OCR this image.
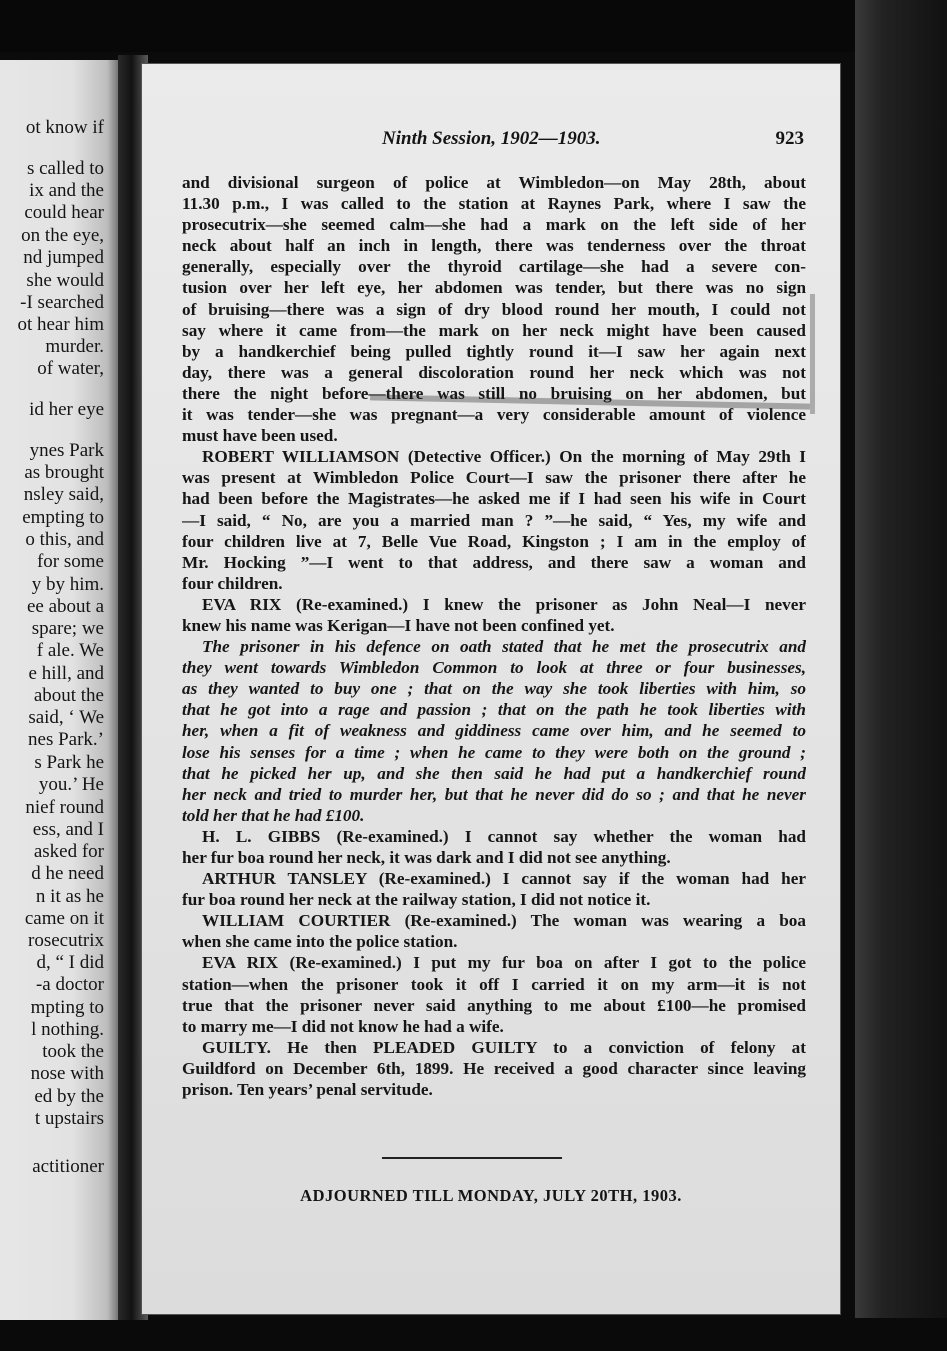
ot know if
s called to
ix and the
could hear
on the eye,
nd jumped
she would
-I searched
ot hear him
murder.
of water,
id her eye
ynes Park
as brought
nsley said,
empting to
o this, and
for some
y by him.
ee about a
spare; we
f ale. We
e hill, and
about the
said, ‘ We
nes Park.’
s Park he
you.’ He
nief round
ess, and I
asked for
d he need
n it as he
came on it
rosecutrix
d, “ I did
-a doctor
mpting to
l nothing.
took the
nose with
ed by the
t upstairs
actitioner
Ninth Session, 1902—1903.	923
and divisional surgeon of police at Wimbledon—on May 28th, about
11.30 p.m., I was called to the station at Raynes Park, where I saw the
prosecutrix—she seemed calm—she had a mark on the left side of her
neck about half an inch in length, there was tenderness over the throat
generally, especially over the thyroid cartilage—she had a severe con-
tusion over her left eye, her abdomen was tender, but there was no sign
of bruising—there was a sign of dry blood round her mouth, I could not
say where it came from—the mark on her neck might have been caused
by a handkerchief being pulled tightly round it—I saw her again next
day, there was a general discoloration round her neck which was not
there the night before—there was still no bruising on her abdomen, but
it was tender—she was pregnant—a very considerable amount of violence
must have been used.
ROBERT WILLIAMSON (Detective Officer.) On the morning of May 29th I
was present at Wimbledon Police Court—I saw the prisoner there after he
had been before the Magistrates—he asked me if I had seen his wife in Court
—I said, “ No, are you a married man ? ”—he said, “ Yes, my wife and
four children live at 7, Belle Vue Road, Kingston ; I am in the employ of
Mr. Hocking ”—I went to that address, and there saw a woman and
four children.
EVA RIX (Re-examined.) I knew the prisoner as John Neal—I never
knew his name was Kerigan—I have not been confined yet.
The prisoner in his defence on oath stated that he met the prosecutrix and
they went towards Wimbledon Common to look at three or four businesses,
as they wanted to buy one ; that on the way she took liberties with him, so
that he got into a rage and passion ; that on the path he took liberties with
her, when a fit of weakness and giddiness came over him, and he seemed to
lose his senses for a time ; when he came to they were both on the ground ;
that he picked her up, and she then said he had put a handkerchief round
her neck and tried to murder her, but that he never did do so ; and that he never
told her that he had £100.
H. L. GIBBS (Re-examined.) I cannot say whether the woman had
her fur boa round her neck, it was dark and I did not see anything.
ARTHUR TANSLEY (Re-examined.) I cannot say if the woman had her
fur boa round her neck at the railway station, I did not notice it.
WILLIAM COURTIER (Re-examined.) The woman was wearing a boa
when she came into the police station.
EVA RIX (Re-examined.) I put my fur boa on after I got to the police
station—when the prisoner took it off I carried it on my arm—it is not
true that the prisoner never said anything to me about £100—he promised
to marry me—I did not know he had a wife.
GUILTY. He then PLEADED GUILTY to a conviction of felony at
Guildford on December 6th, 1899. He received a good character since leaving
prison. Ten years’ penal servitude.
ADJOURNED TILL MONDAY, JULY 20TH, 1903.
